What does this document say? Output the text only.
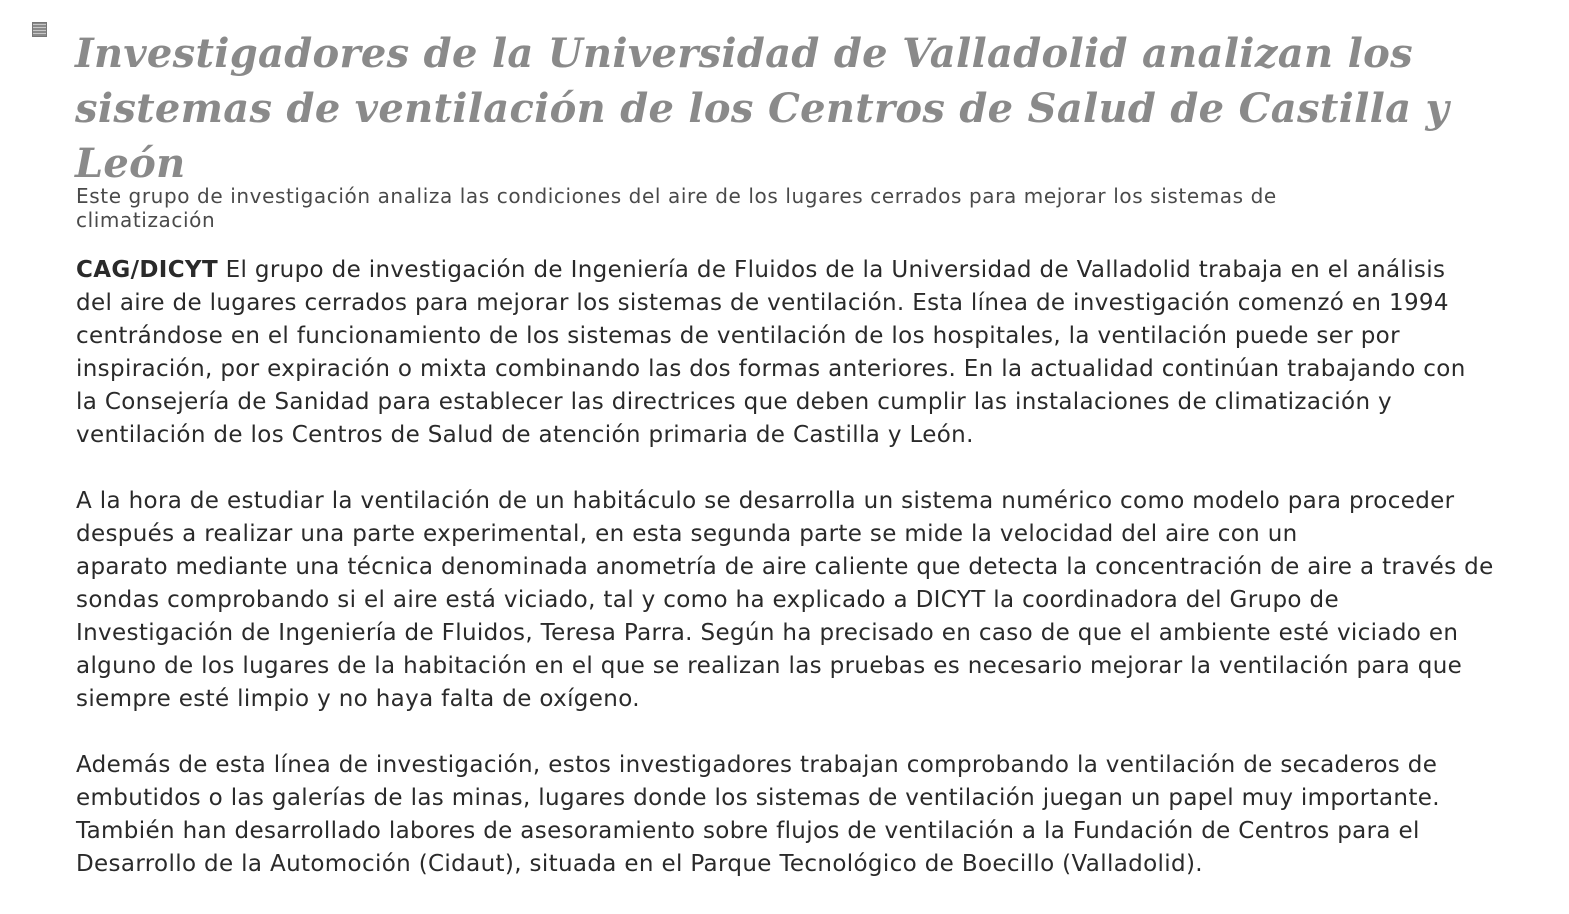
Investigadores de la Universidad de Valladolid analizan los
sistemas de ventilación de los Centros de Salud de Castilla y
León

Este grupo de investigación analiza las condiciones del aire de los lugares cerrados para mejorar los sistemas de
climatización

CAG/DICYT El grupo de investigación de Ingeniería de Fluidos de la Universidad de Valladolid trabaja en el análisis
del aire de lugares cerrados para mejorar los sistemas de ventilación. Esta línea de investigación comenzó en 1994
centrándose en el funcionamiento de los sistemas de ventilación de los hospitales, la ventilación puede ser por
inspiración, por expiración o mixta combinando las dos formas anteriores. En la actualidad continúan trabajando con
la Consejería de Sanidad para establecer las directrices que deben cumplir las instalaciones de climatización y
ventilación de los Centros de Salud de atención primaria de Castilla y León.

A la hora de estudiar la ventilación de un habitáculo se desarrolla un sistema numérico como modelo para proceder
después a realizar una parte experimental, en esta segunda parte se mide la velocidad del aire con un
aparato mediante una técnica denominada anometría de aire caliente que detecta la concentración de aire a través de
sondas comprobando si el aire está viciado, tal y como ha explicado a DICYT la coordinadora del Grupo de
Investigación de Ingeniería de Fluidos, Teresa Parra. Según ha precisado en caso de que el ambiente esté viciado en
alguno de los lugares de la habitación en el que se realizan las pruebas es necesario mejorar la ventilación para que
siempre esté limpio y no haya falta de oxígeno.

Además de esta línea de investigación, estos investigadores trabajan comprobando la ventilación de secaderos de
embutidos o las galerías de las minas, lugares donde los sistemas de ventilación juegan un papel muy importante.
También han desarrollado labores de asesoramiento sobre flujos de ventilación a la Fundación de Centros para el
Desarrollo de la Automoción (Cidaut), situada en el Parque Tecnológico de Boecillo (Valladolid).
